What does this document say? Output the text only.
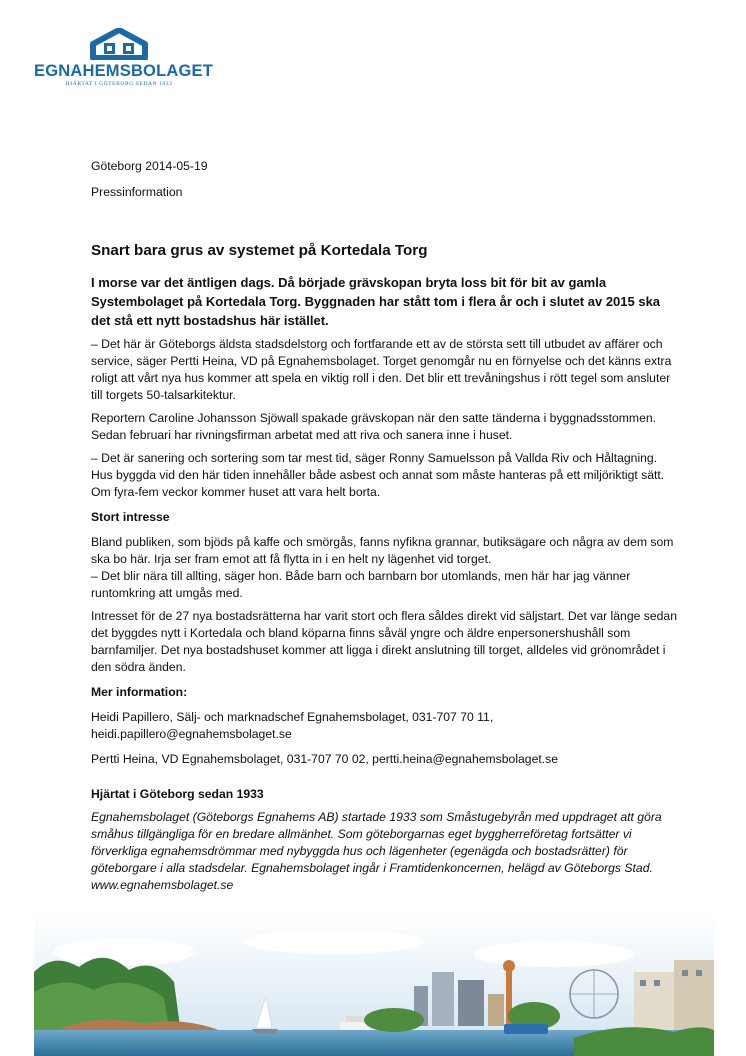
EGNAHEMSBOLAGET
HJÄRTAT I GÖTEBORG SEDAN 1933

Göteborg 2014-05-19

Pressinformation

Snart bara grus av systemet på Kortedala Torg

I morse var det äntligen dags. Då började grävskopan bryta loss bit för bit av gamla Systembolaget på Kortedala Torg. Byggnaden har stått tom i flera år och i slutet av 2015 ska det stå ett nytt bostadshus här istället.

– Det här är Göteborgs äldsta stadsdelstorg och fortfarande ett av de största sett till utbudet av affärer och service, säger Pertti Heina, VD på Egnahemsbolaget. Torget genomgår nu en förnyelse och det känns extra roligt att vårt nya hus kommer att spela en viktig roll i den. Det blir ett trevåningshus i rött tegel som ansluter till torgets 50-talsarkitektur.

Reportern Caroline Johansson Sjöwall spakade grävskopan när den satte tänderna i byggnadsstommen. Sedan februari har rivningsfirman arbetat med att riva och sanera inne i huset.

– Det är sanering och sortering som tar mest tid, säger Ronny Samuelsson på Vallda Riv och Håltagning. Hus byggda vid den här tiden innehåller både asbest och annat som måste hanteras på ett miljöriktigt sätt. Om fyra-fem veckor kommer huset att vara helt borta.

Stort intresse

Bland publiken, som bjöds på kaffe och smörgås, fanns nyfikna grannar, butiksägare och några av dem som ska bo här. Irja ser fram emot att få flytta in i en helt ny lägenhet vid torget.

– Det blir nära till allting, säger hon. Både barn och barnbarn bor utomlands, men här har jag vänner runtomkring att umgås med.

Intresset för de 27 nya bostadsrätterna har varit stort och flera såldes direkt vid säljstart. Det var länge sedan det byggdes nytt i Kortedala och bland köparna finns såväl yngre och äldre enpersonershushåll som barnfamiljer. Det nya bostadshuset kommer att ligga i direkt anslutning till torget, alldeles vid grönområdet i den södra änden.

Mer information:

Heidi Papillero, Sälj- och marknadschef Egnahemsbolaget, 031-707 70 11,

heidi.papillero@egnahemsbolaget.se

Pertti Heina, VD Egnahemsbolaget, 031-707 70 02, pertti.heina@egnahemsbolaget.se

Hjärtat i Göteborg sedan 1933

Egnahemsbolaget (Göteborgs Egnahems AB) startade 1933 som Småstugebyrån med uppdraget att göra småhus tillgängliga för en bredare allmänhet. Som göteborgarnas eget byggherreföretag fortsätter vi förverkliga egnahemsdrömmar med nybyggda hus och lägenheter (egenägda och bostadsrätter) för göteborgare i alla stadsdelar. Egnahemsbolaget ingår i Framtidenkoncernen, helägd av Göteborgs Stad. www.egnahemsbolaget.se
